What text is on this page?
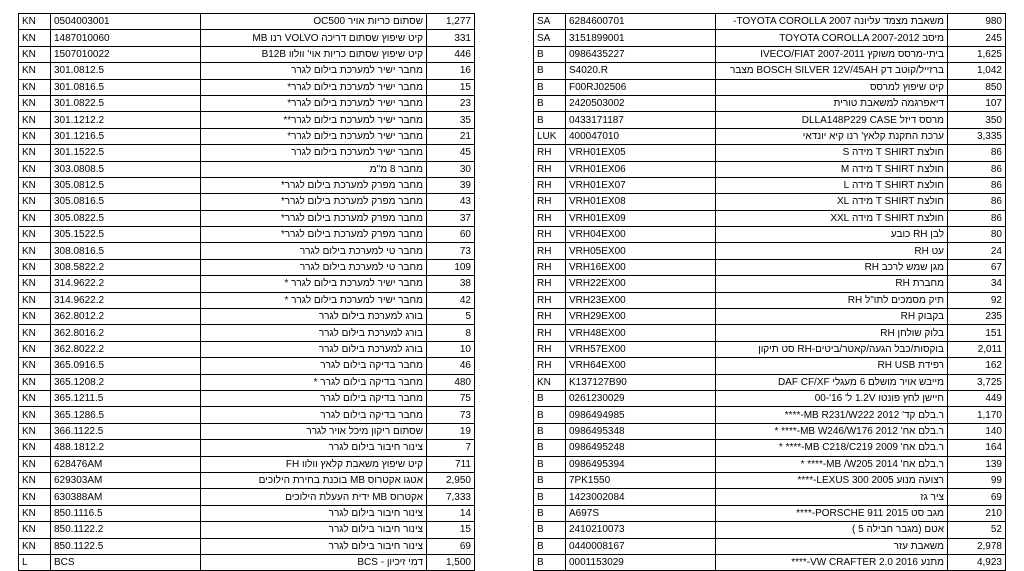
KN	0504003001	שסתום כריות אויר OC500	1,277
KN	1487010060	קיט שיפוץ שסתום דריכה VOLVO רנו MB	331
KN	1507010022	קיט שיפוץ שסתום כריות אוי' וולוו B12B	446
KN	301.0812.5	מחבר ישיר למערכת בילום לגרר	16
KN	301.0816.5	מחבר ישיר למערכת בילום לגרר*	15
KN	301.0822.5	מחבר ישיר למערכת בילום לגרר*	23
KN	301.1212.2	מחבר ישיר למערכת בילום לגרר**	35
KN	301.1216.5	מחבר ישיר למערכת בילום לגרר*	21
KN	301.1522.5	מחבר ישיר למערכת בילום לגרר	45
KN	303.0808.5	מחבר 8 מ"מ	30
KN	305.0812.5	מחבר מפרק למערכת בילום לגרר*	39
KN	305.0816.5	מחבר מפרק למערכת בילום לגרר*	43
KN	305.0822.5	מחבר מפרק למערכת בילום לגרר*	37
KN	305.1522.5	מחבר מפרק למערכת בילום לגרר*	60
KN	308.0816.5	מחבר טי למערכת בילום לגרר	73
KN	308.5822.2	מחבר טי למערכת בילום לגרר	109
KN	314.9622.2	מחבר ישיר למערכת בילום לגרר *	38
KN	314.9622.2	מחבר ישיר למערכת בילום לגרר *	42
KN	362.8012.2	בורג למערכת בילום לגרר	5
KN	362.8016.2	בורג למערכת בילום לגרר	8
KN	362.8022.2	בורג למערכת בילום לגרר	10
KN	365.0916.5	מחבר בדיקה בילום לגרר	46
KN	365.1208.2	מחבר בדיקה בילום לגרר *	480
KN	365.1211.5	מחבר בדיקה בילום לגרר	75
KN	365.1286.5	מחבר בדיקה בילום לגרר	73
KN	366.1122.5	שסתום ריקון מיכל אויר לגרר	19
KN	488.1812.2	צינור חיבור בילום לגרר	7
KN	628476AM	קיט שיפוץ משאבת קלאץ וולוו FH	711
KN	629303AM	אטגו אקטרוס MB בוכנת בחירת הילוכים	2,950
KN	630388AM	אקטרוס MB ידית העעלת הילוכים	7,333
KN	850.1116.5	צינור חיבור בילום לגרר	14
KN	850.1122.2	צינור חיבור בילום לגרר	15
KN	850.1122.5	צינור חיבור בילום לגרר	69
L	BCS	דמי זיכיון - BCS	1,500
SA	6284600701	משאבת מצמד עליונה TOYOTA COROLLA 2007-	980
SA	3151899001	מיסב TOYOTA COROLLA 2007-2012	245
B	0986435227	ביתי-מרסס משוקץ IVECO/FIAT 2007-2011	1,625
B	S4020.R	ברזייל/קוטב דק BOSCH SILVER 12V/45AH מצבר	1,042
B	F00RJ02506	קיט שיפוץ למרסס	850
B	2420503002	דיאפרגמה למשאבת טורית	107
B	0433171187	מרסס דיזל DLLA148P229 CASE	350
LUK	400047010	ערכת התקנת קלאץ' רנו קיא יונדאי	3,335
RH	VRH01EX05	חולצת T SHIRT מידה S	86
RH	VRH01EX06	חולצת T SHIRT מידה M	86
RH	VRH01EX07	חולצת T SHIRT מידה L	86
RH	VRH01EX08	חולצת T SHIRT מידה XL	86
RH	VRH01EX09	חולצת T SHIRT מידה XXL	86
RH	VRH04EX00	לבן RH כובע	80
RH	VRH05EX00	עט RH	24
RH	VRH16EX00	מגן שמש לרכב RH	67
RH	VRH22EX00	מחברת RH	34
RH	VRH23EX00	תיק מסמכים לתו"ל RH	92
RH	VRH29EX00	בקבוק RH	235
RH	VRH48EX00	בלוק שולחן RH	151
RH	VRH57EX00	בוקסות/כבל הגעה/קאטר/ביטים-RH סט תיקון	2,011
RH	VRH64EX00	רפידת RH USB	162
KN	K137127B90	מייבש אויר מושלם 6 מעגלי DAF CF/XF	3,725
B	0261230029	חיישן לחץ פונטו 1.2V ל' 16'-00	449
B	0986494985	ר.בלם קד' MB R231/W222 2012-****	1,170
B	0986495348	ר.בלם אח' MB W246/W176 2012-**** *	140
B	0986495248	ר.בלם אח' MB C218/C219 2009-**** *	164
B	0986495394	ר.בלם אח' MB /W205 2014-**** *	139
B	7PK1550	רצועה מנוע LEXUS 300 2005-****	99
B	1423002084	ציר גז	69
B	A697S	מגב סט PORSCHE 911 2015-****	210
B	2410210073	אטם (מגבר חבילה 5 )	52
B	0440008167	משאבת עזר	2,978
B	0001153029	מתנע VW CRAFTER 2.0 2016-****	4,923
